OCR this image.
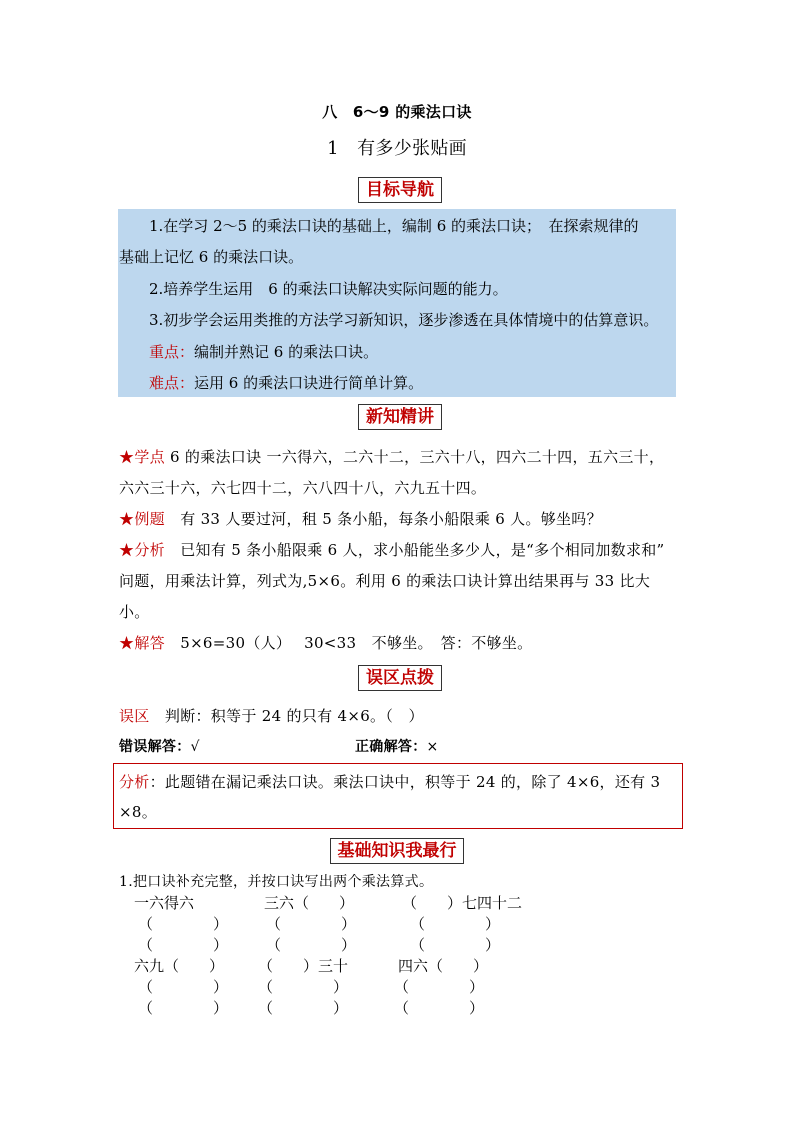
八　6～9 的乘法口诀
1　有多少张贴画
目标导航
1.在学习 2～5 的乘法口诀的基础上，编制 6 的乘法口诀；　在探索规律的
基础上记忆 6 的乘法口诀。
2.培养学生运用　6 的乘法口诀解决实际问题的能力。
3.初步学会运用类推的方法学习新知识，逐步渗透在具体情境中的估算意识。
重点：编制并熟记 6 的乘法口诀。
难点：运用 6 的乘法口诀进行简单计算。
新知精讲
★学点 6 的乘法口诀 一六得六，二六十二，三六十八，四六二十四，五六三十，
六六三十六，六七四十二，六八四十八，六九五十四。
★例题　有 33 人要过河，租 5 条小船，每条小船限乘 6 人。够坐吗？
★分析　已知有 5 条小船限乘 6 人，求小船能坐多少人，是“多个相同加数求和”
问题，用乘法计算，列式为,5×6。利用 6 的乘法口诀计算出结果再与 33 比大
小。
★解答　5×6=30（人）　 30<33　不够坐。　答：不够坐。
误区点拨
误区　判断：积等于 24 的只有 4×6。（　）
错误解答：√	正确解答：×
分析：此题错在漏记乘法口诀。乘法口诀中，积等于 24 的，除了 4×6，还有 3
×8。
基础知识我最行
1.把口诀补充完整，并按口诀写出两个乘法算式。
一六得六	三六（　　）	（　　）七四十二
（　　　　）	（　　　　）	（　　　　）
（　　　　）	（　　　　）	（　　　　）
六九（　　） （　　）三十	四六（　　）
（　　　　） （　　　　）	（　　　　）
（　　　　） （　　　　）	（　　　　）
